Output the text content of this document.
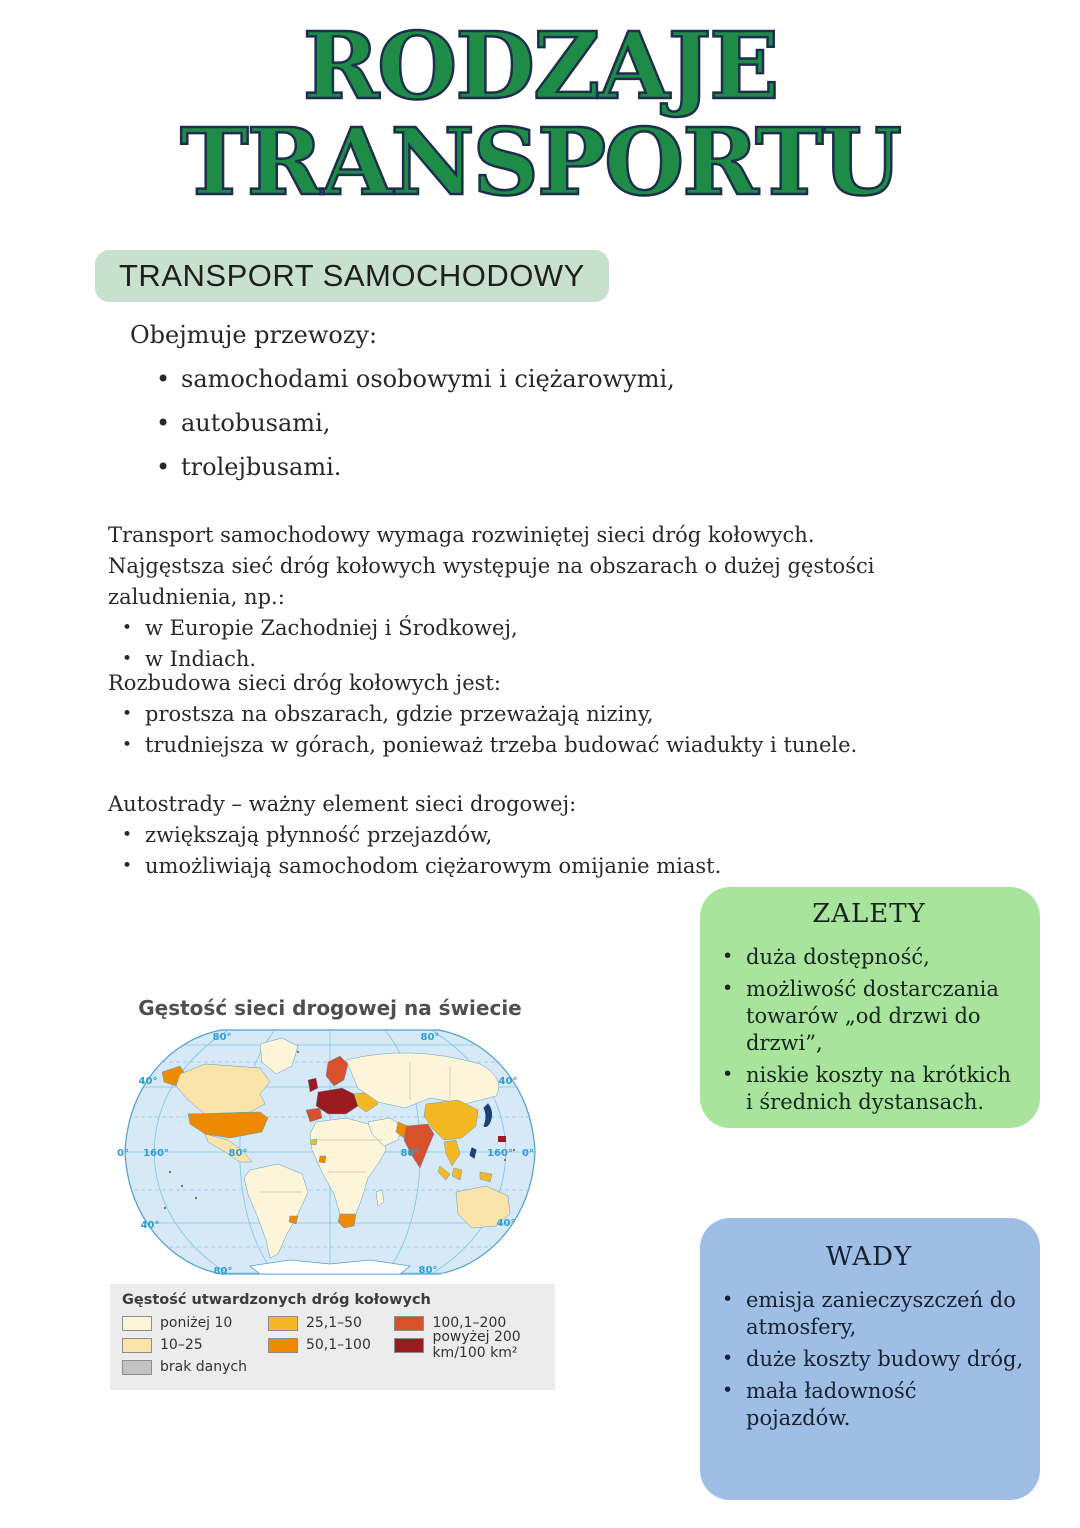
RODZAJE
TRANSPORTU
TRANSPORT SAMOCHODOWY
Obejmuje przewozy:
• samochodami osobowymi i ciężarowymi,
• autobusami,
• trolejbusami.
Transport samochodowy wymaga rozwiniętej sieci dróg kołowych.
Najgęstsza sieć dróg kołowych występuje na obszarach o dużej gęstości zaludnienia, np.:
• w Europie Zachodniej i Środkowej,
• w Indiach.
Rozbudowa sieci dróg kołowych jest:
• prostsza na obszarach, gdzie przeważają niziny,
• trudniejsza w górach, ponieważ trzeba budować wiadukty i tunele.
Autostrady – ważny element sieci drogowej:
• zwiększają płynność przejazdów,
• umożliwiają samochodom ciężarowym omijanie miast.
ZALETY
• duża dostępność,
• możliwość dostarczania towarów „od drzwi do drzwi”,
• niskie koszty na krótkich i średnich dystansach.
WADY
• emisja zanieczyszczeń do atmosfery,
• duże koszty budowy dróg,
• mała ładowność pojazdów.
Gęstość sieci drogowej na świecie
80°	80°
40°	40°
0° 160°	80°	80°	160° 0°
40°	40°
80°	80°
Gęstość utwardzonych dróg kołowych
poniżej 10
10–25
brak danych
25,1–50
50,1–100
100,1–200
powyżej 200 km/100 km²
